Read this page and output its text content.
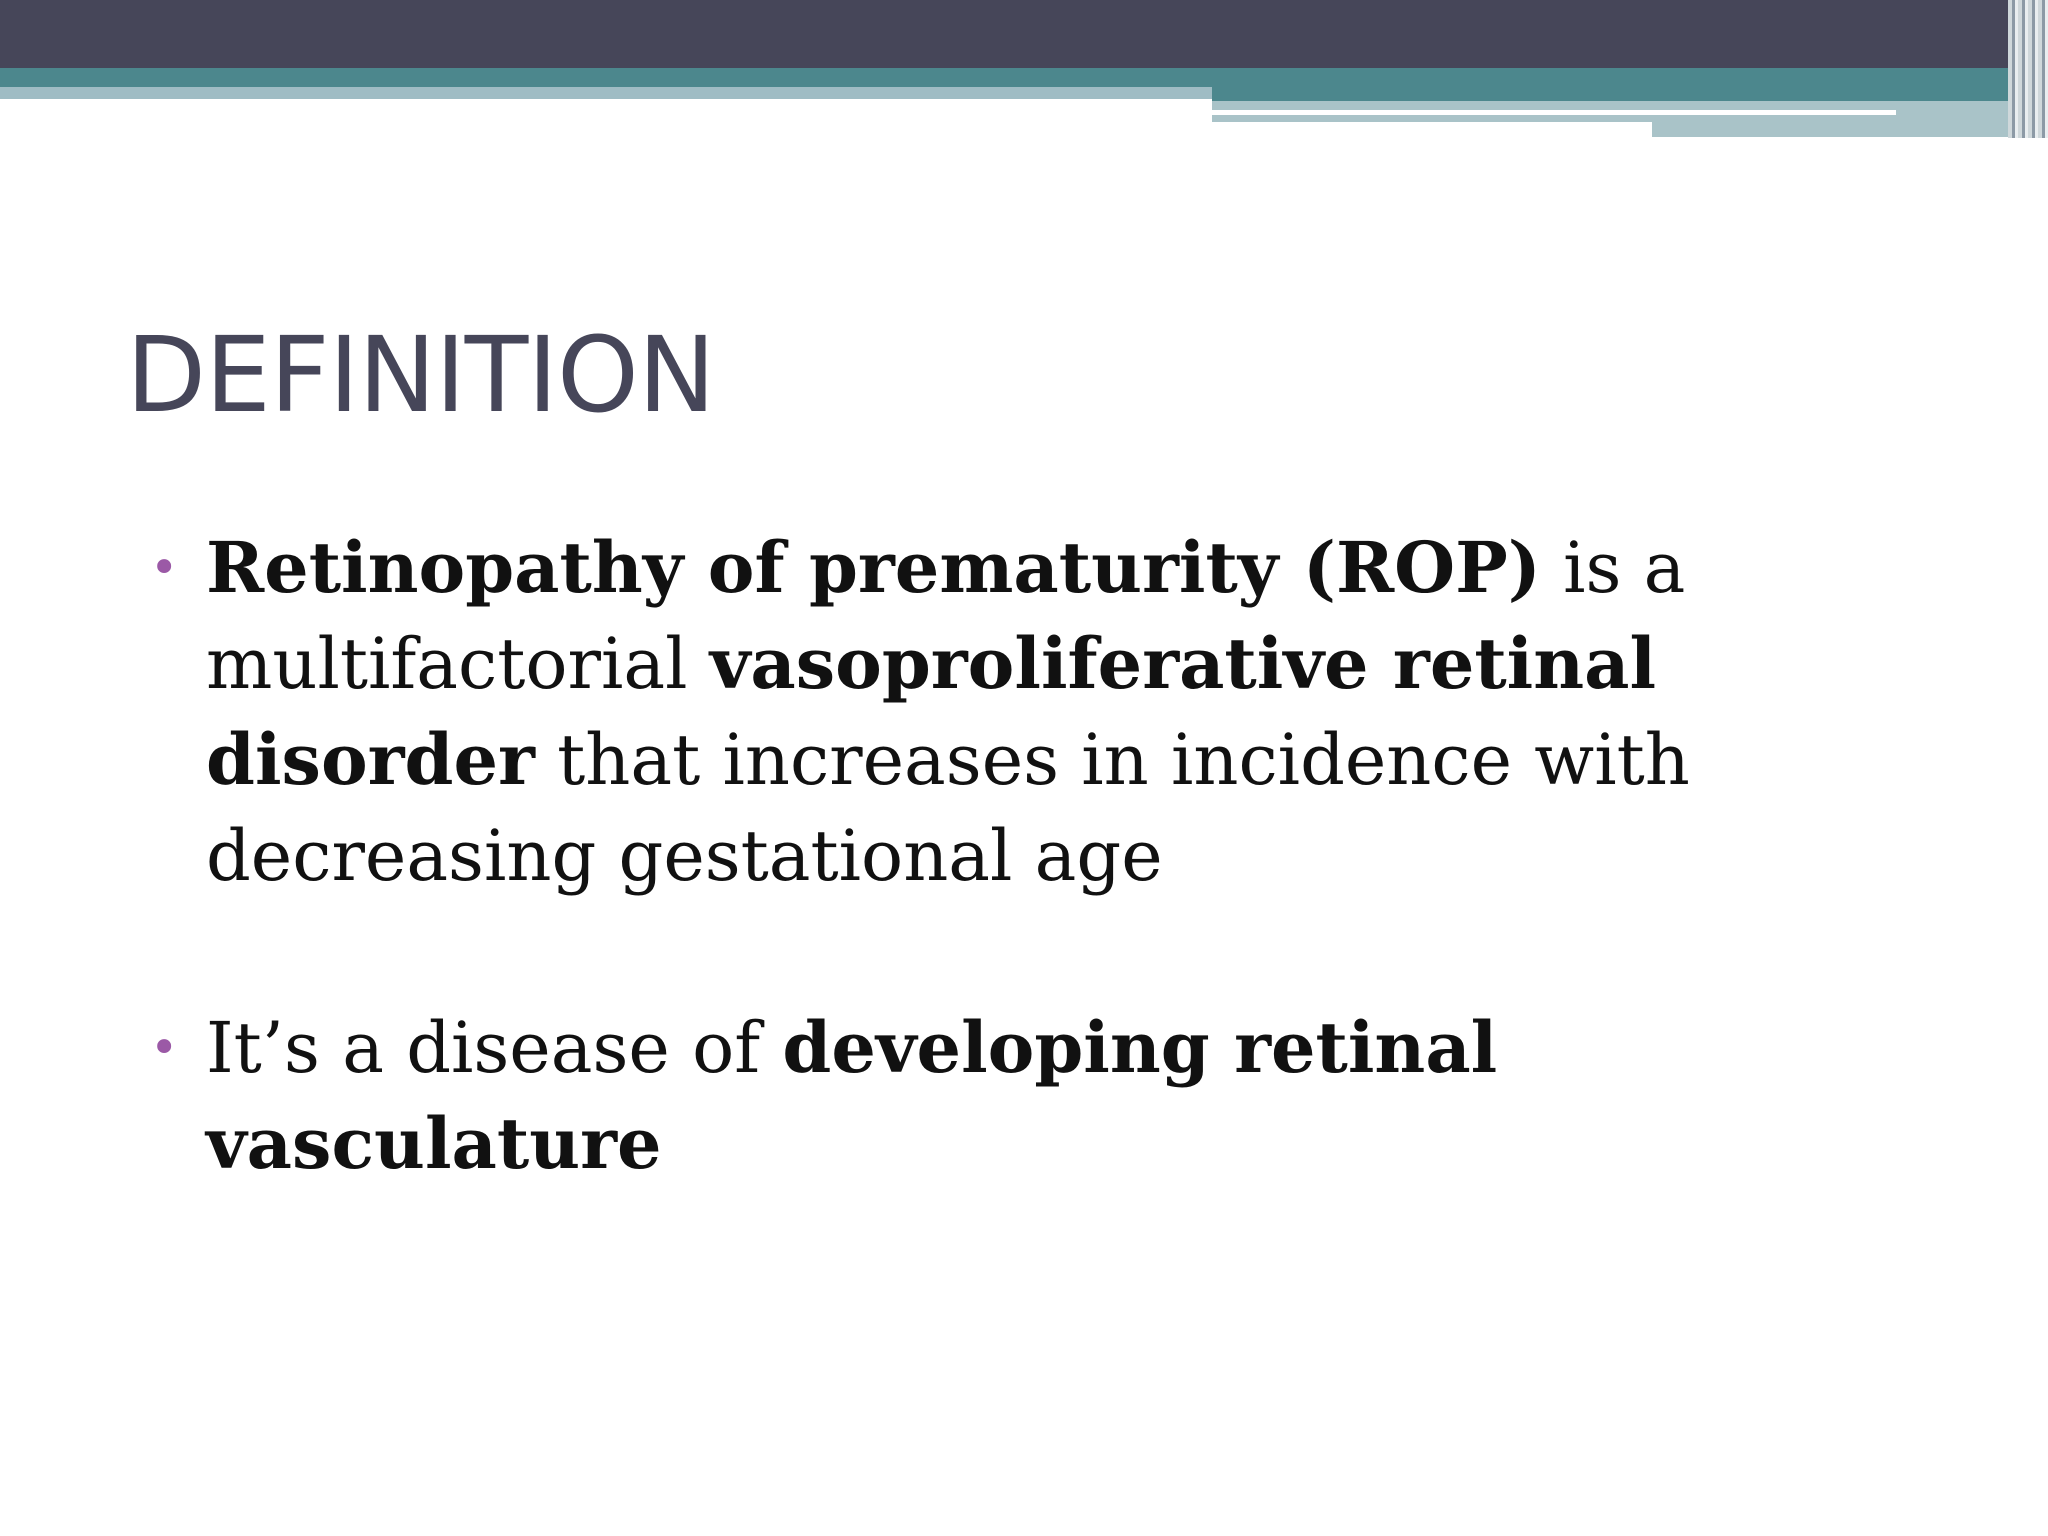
DEFINITION
• Retinopathy of prematurity (ROP) is a multifactorial vasoproliferative retinal disorder that increases in incidence with decreasing gestational age
• It’s a disease of developing retinal vasculature
